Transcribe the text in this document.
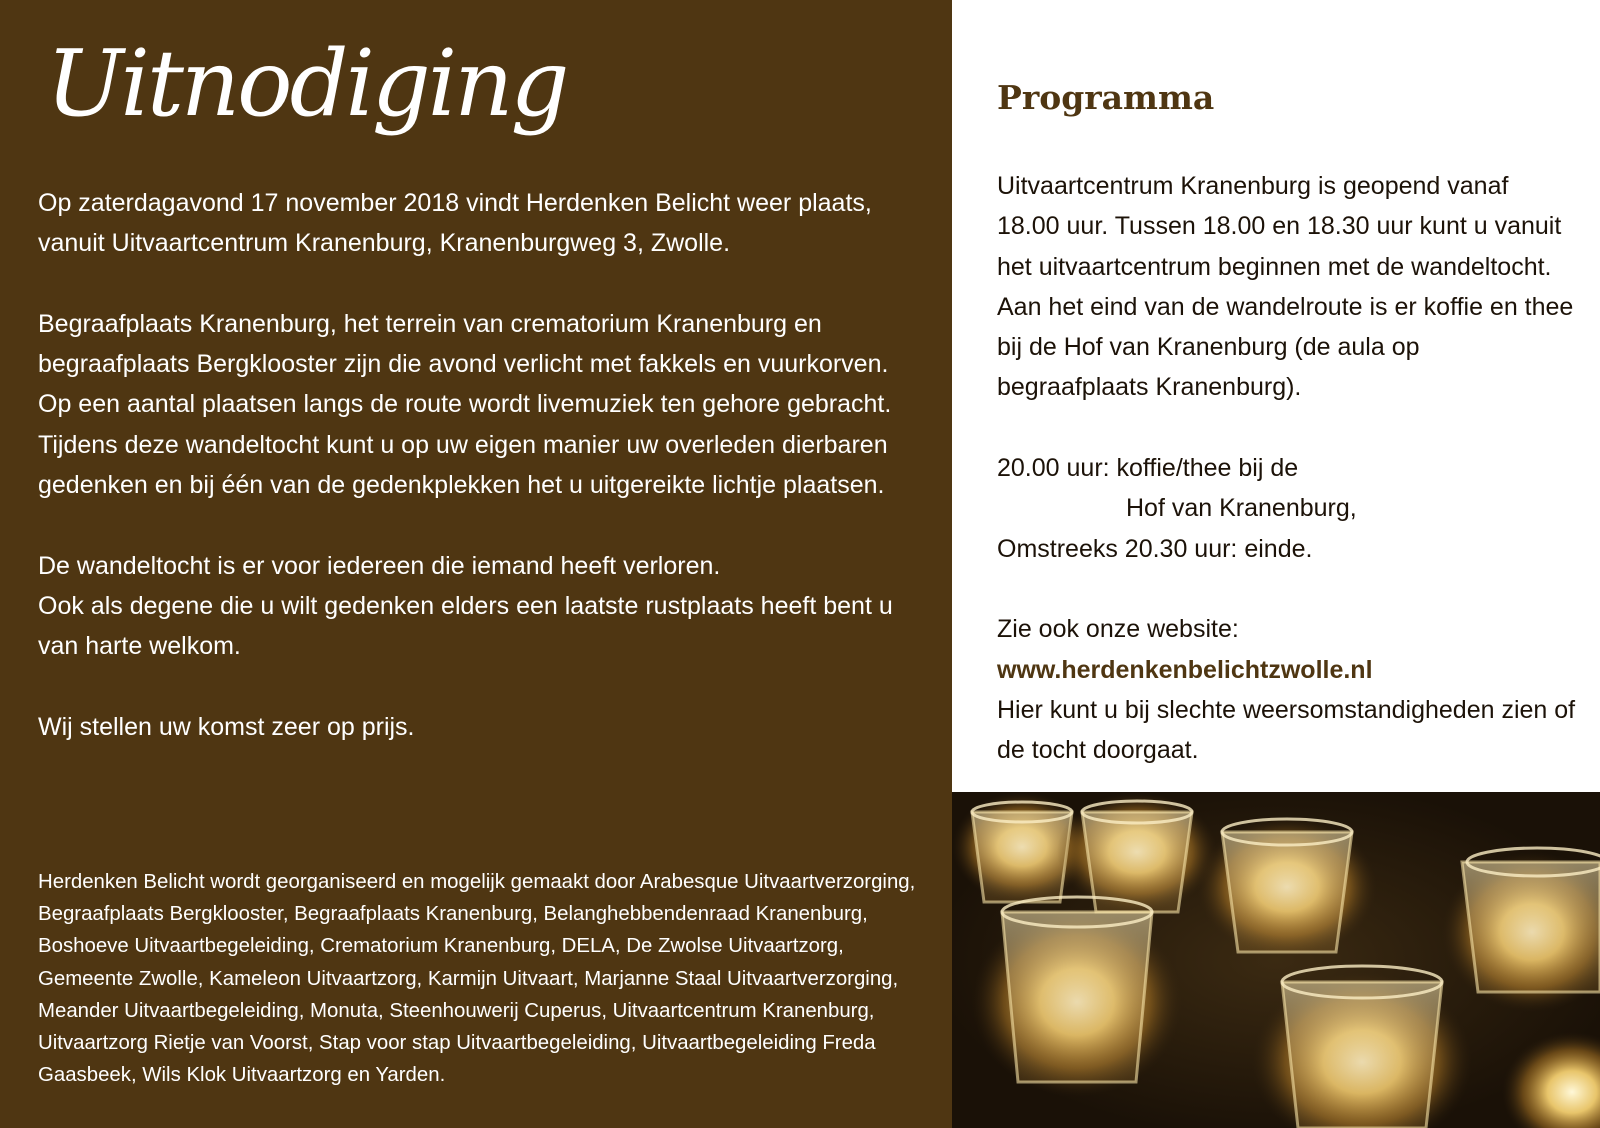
Uitnodiging

Op zaterdagavond 17 november 2018 vindt Herdenken Belicht weer plaats, vanuit Uitvaartcentrum Kranenburg, Kranenburgweg 3, Zwolle.

Begraafplaats Kranenburg, het terrein van crematorium Kranenburg en begraafplaats Bergklooster zijn die avond verlicht met fakkels en vuurkorven.

Op een aantal plaatsen langs de route wordt livemuziek ten gehore gebracht. Tijdens deze wandeltocht kunt u op uw eigen manier uw overleden dierbaren gedenken en bij één van de gedenkplekken het u uitgereikte lichtje plaatsen.

De wandeltocht is er voor iedereen die iemand heeft verloren.

Ook als degene die u wilt gedenken elders een laatste rustplaats heeft bent u van harte welkom.

Wij stellen uw komst zeer op prijs.

Herdenken Belicht wordt georganiseerd en mogelijk gemaakt door Arabesque Uitvaartverzorging, Begraafplaats Bergklooster, Begraafplaats Kranenburg, Belanghebbendenraad Kranenburg, Boshoeve Uitvaartbegeleiding, Crematorium Kranenburg, DELA, De Zwolse Uitvaartzorg, Gemeente Zwolle, Kameleon Uitvaartzorg, Karmijn Uitvaart, Marjanne Staal Uitvaartverzorging, Meander Uitvaartbegeleiding, Monuta, Steenhouwerij Cuperus, Uitvaartcentrum Kranenburg, Uitvaartzorg Rietje van Voorst, Stap voor stap Uitvaartbegeleiding, Uitvaartbegeleiding Freda Gaasbeek, Wils Klok Uitvaartzorg en Yarden.

Programma

Uitvaartcentrum Kranenburg is geopend vanaf 18.00 uur. Tussen 18.00 en 18.30 uur kunt u vanuit het uitvaartcentrum beginnen met de wandeltocht. Aan het eind van de wandelroute is er koffie en thee bij de Hof van Kranenburg (de aula op begraafplaats Kranenburg).

20.00 uur: koffie/thee bij de

Hof van Kranenburg,

Omstreeks 20.30 uur: einde.

Zie ook onze website:

www.herdenkenbelichtzwolle.nl

Hier kunt u bij slechte weersomstandigheden zien of de tocht doorgaat.
